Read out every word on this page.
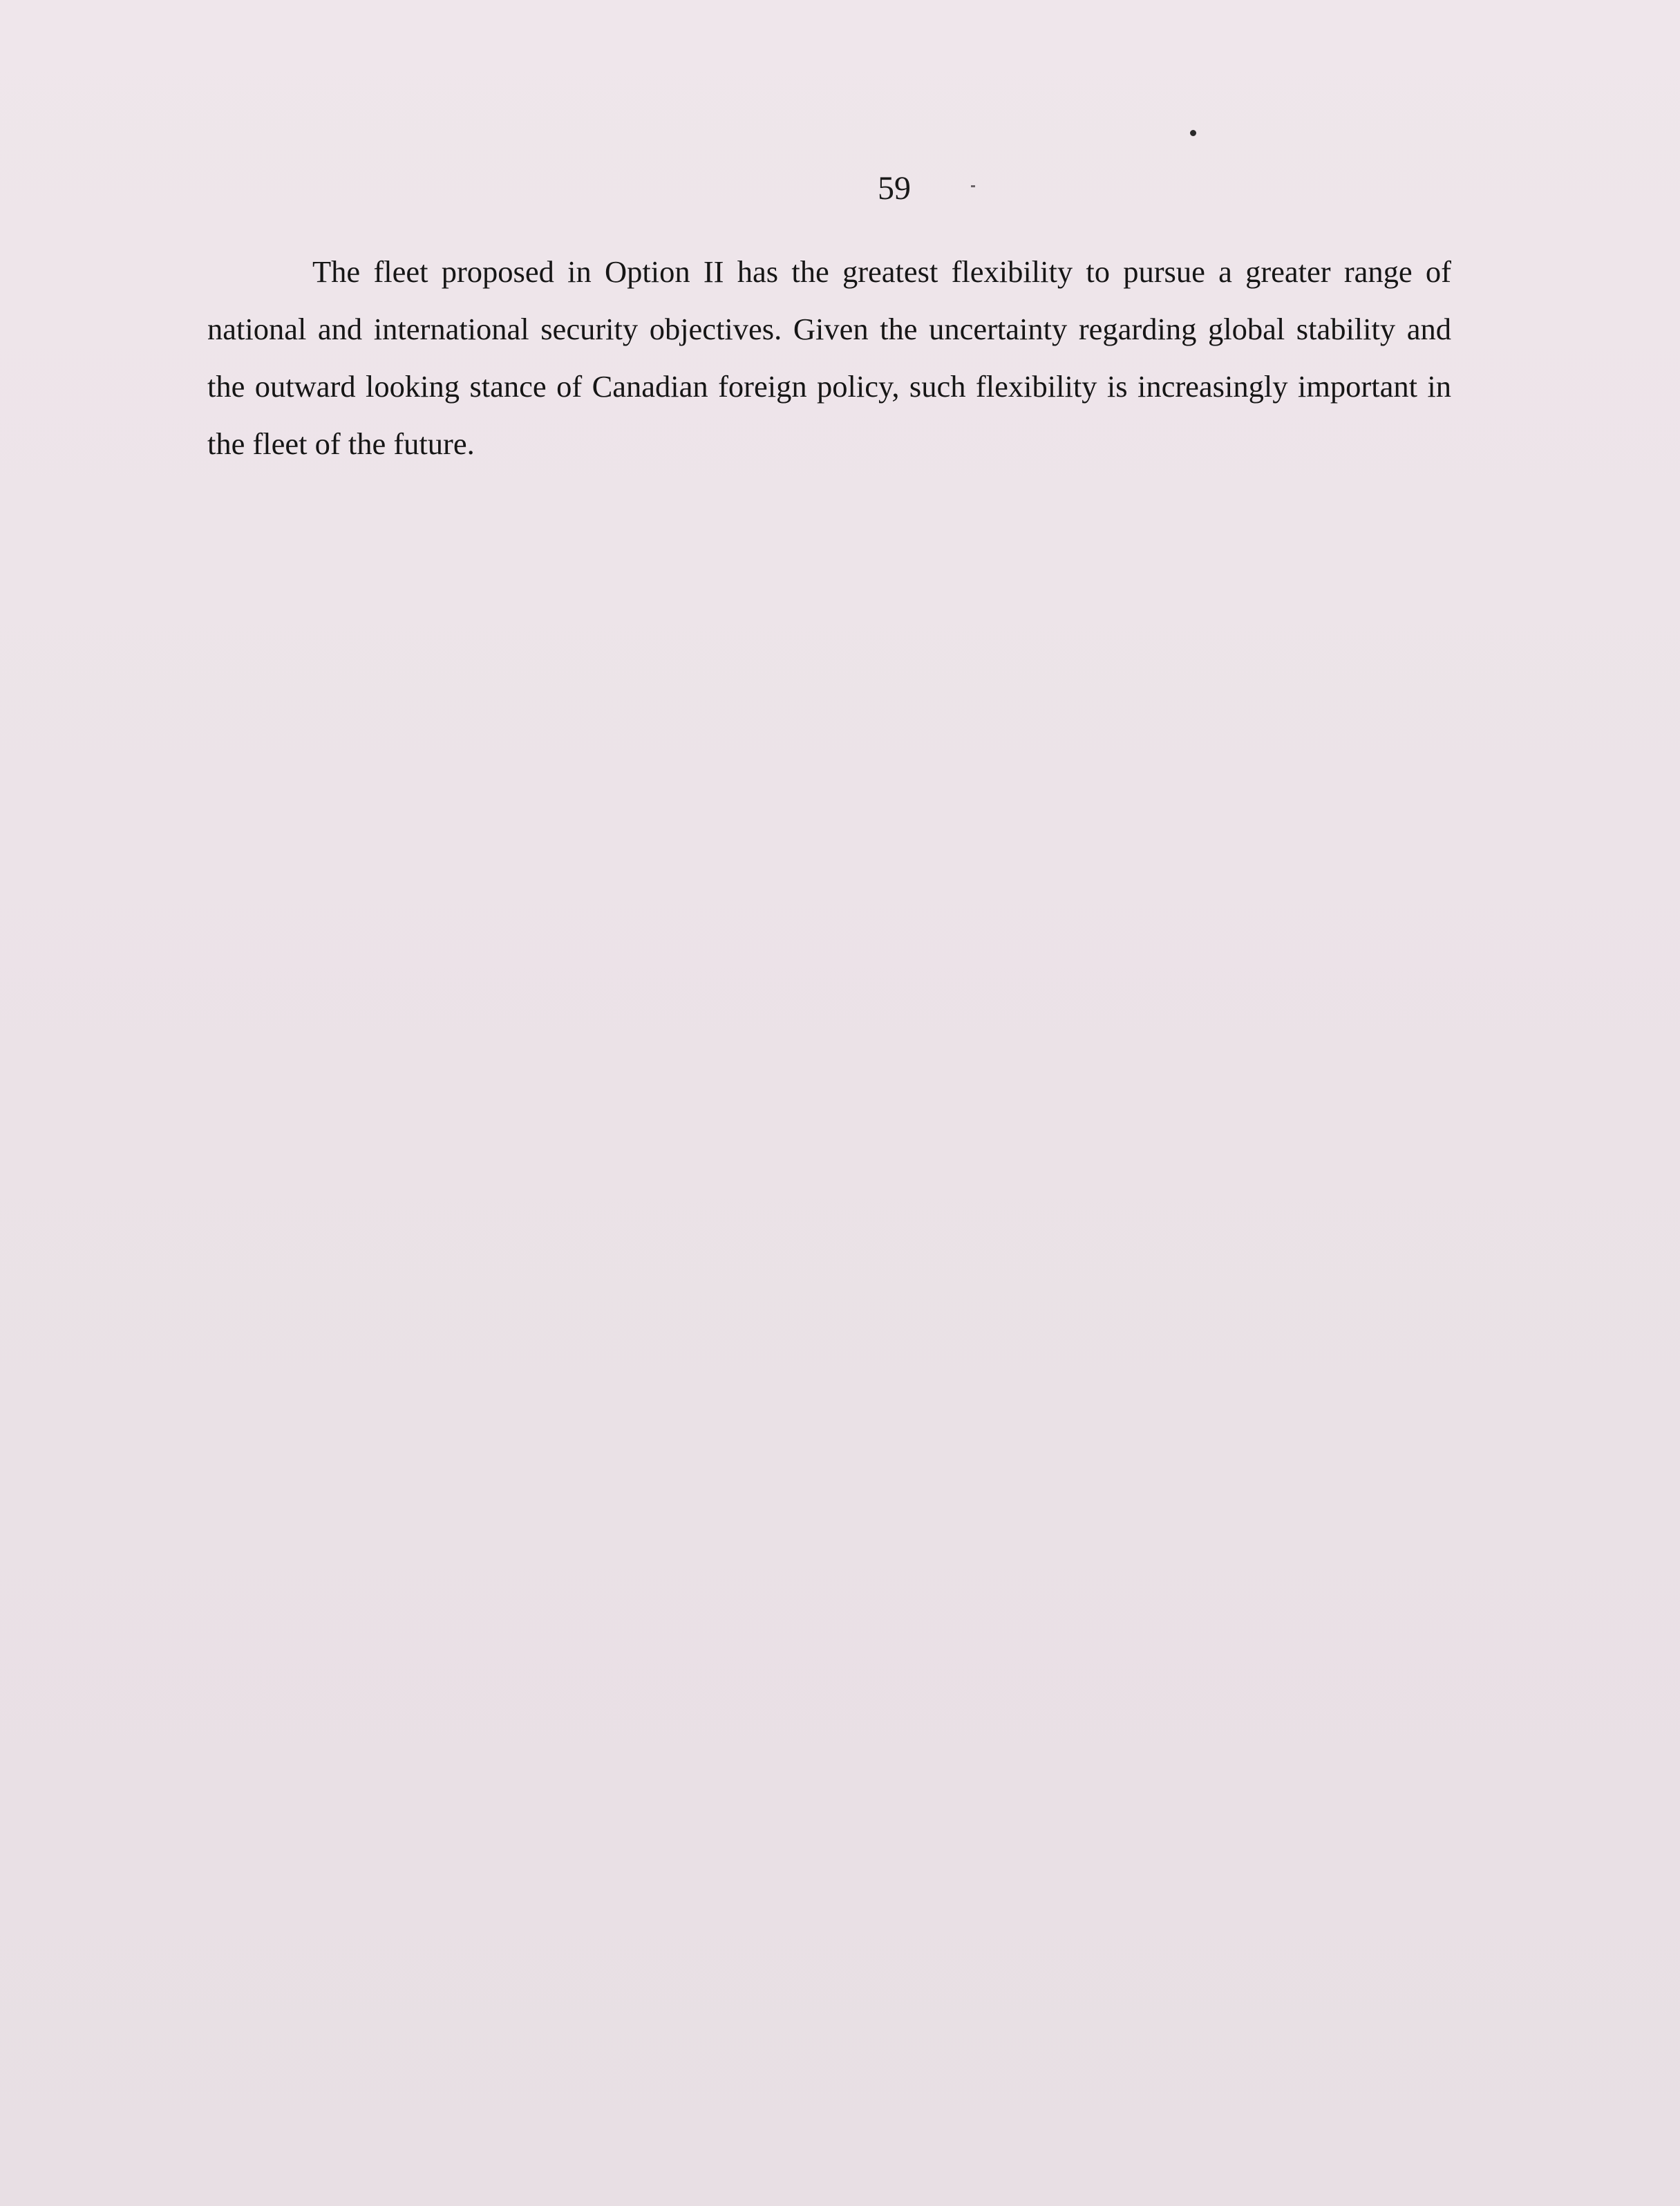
59
The fleet proposed in Option II has the greatest flexibility to pursue a greater range of national and international security objectives. Given the uncertainty regarding global stability and the outward looking stance of Canadian foreign policy, such flexibility is increasingly important in the fleet of the future.
